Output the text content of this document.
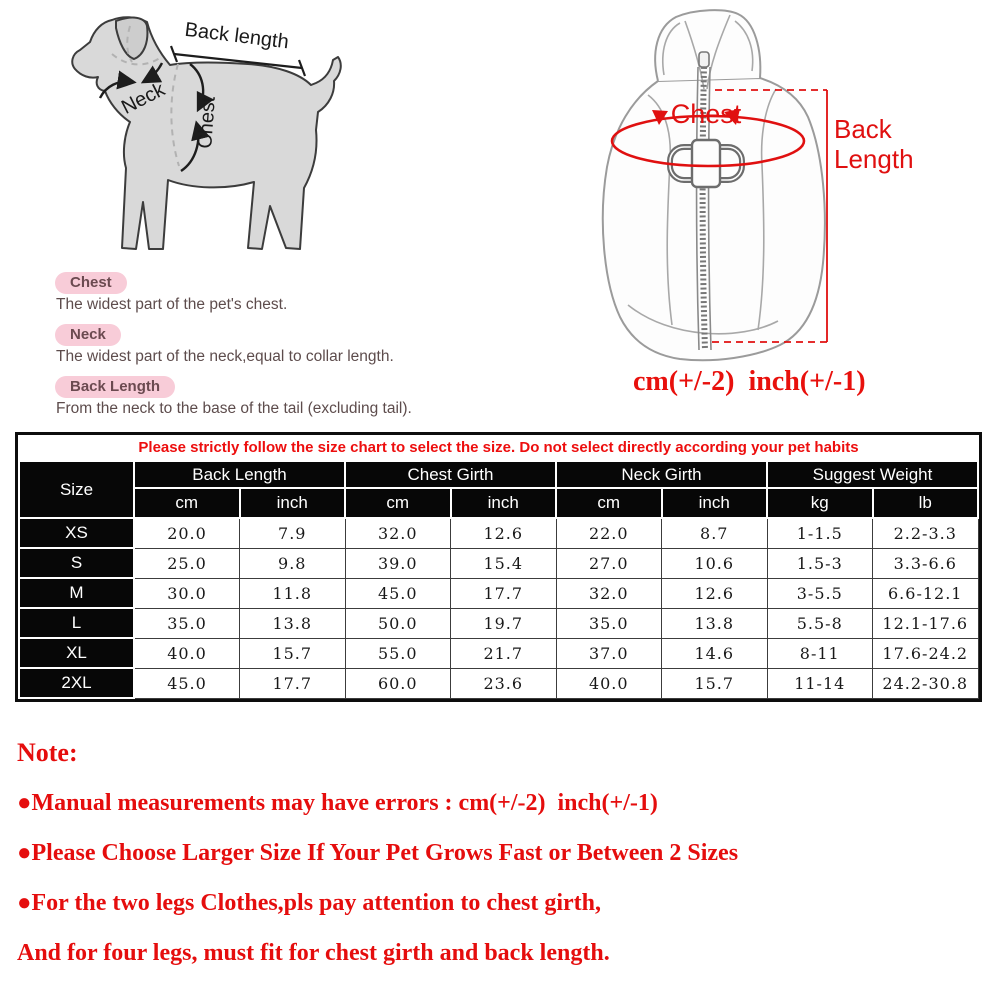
Back length
Neck Chest
Chest

The widest part of the pet's chest.

Neck

The widest part of the neck,equal to collar length.

Back Length

From the neck to the base of the tail (excluding tail).

Chest	Back
Length
cm(+/-2)  inch(+/-1)
Please strictly follow the size chart to select the size. Do not select directly according your pet habits								
Size	Back Length		Chest Girth		Neck Girth		Suggest Weight	
	cm	inch	cm	inch	cm	inch	kg	lb
XS	20.0	7.9	32.0	12.6	22.0	8.7	1-1.5	2.2-3.3
S	25.0	9.8	39.0	15.4	27.0	10.6	1.5-3	3.3-6.6
M	30.0	11.8	45.0	17.7	32.0	12.6	3-5.5	6.6-12.1
L	35.0	13.8	50.0	19.7	35.0	13.8	5.5-8	12.1-17.6
XL	40.0	15.7	55.0	21.7	37.0	14.6	8-11	17.6-24.2
2XL	45.0	17.7	60.0	23.6	40.0	15.7	11-14	24.2-30.8
Note:
●Manual measurements may have errors : cm(+/-2)  inch(+/-1)
●Please Choose Larger Size If Your Pet Grows Fast or Between 2 Sizes
●For the two legs Clothes,pls pay attention to chest girth,
And for four legs, must fit for chest girth and back length.
